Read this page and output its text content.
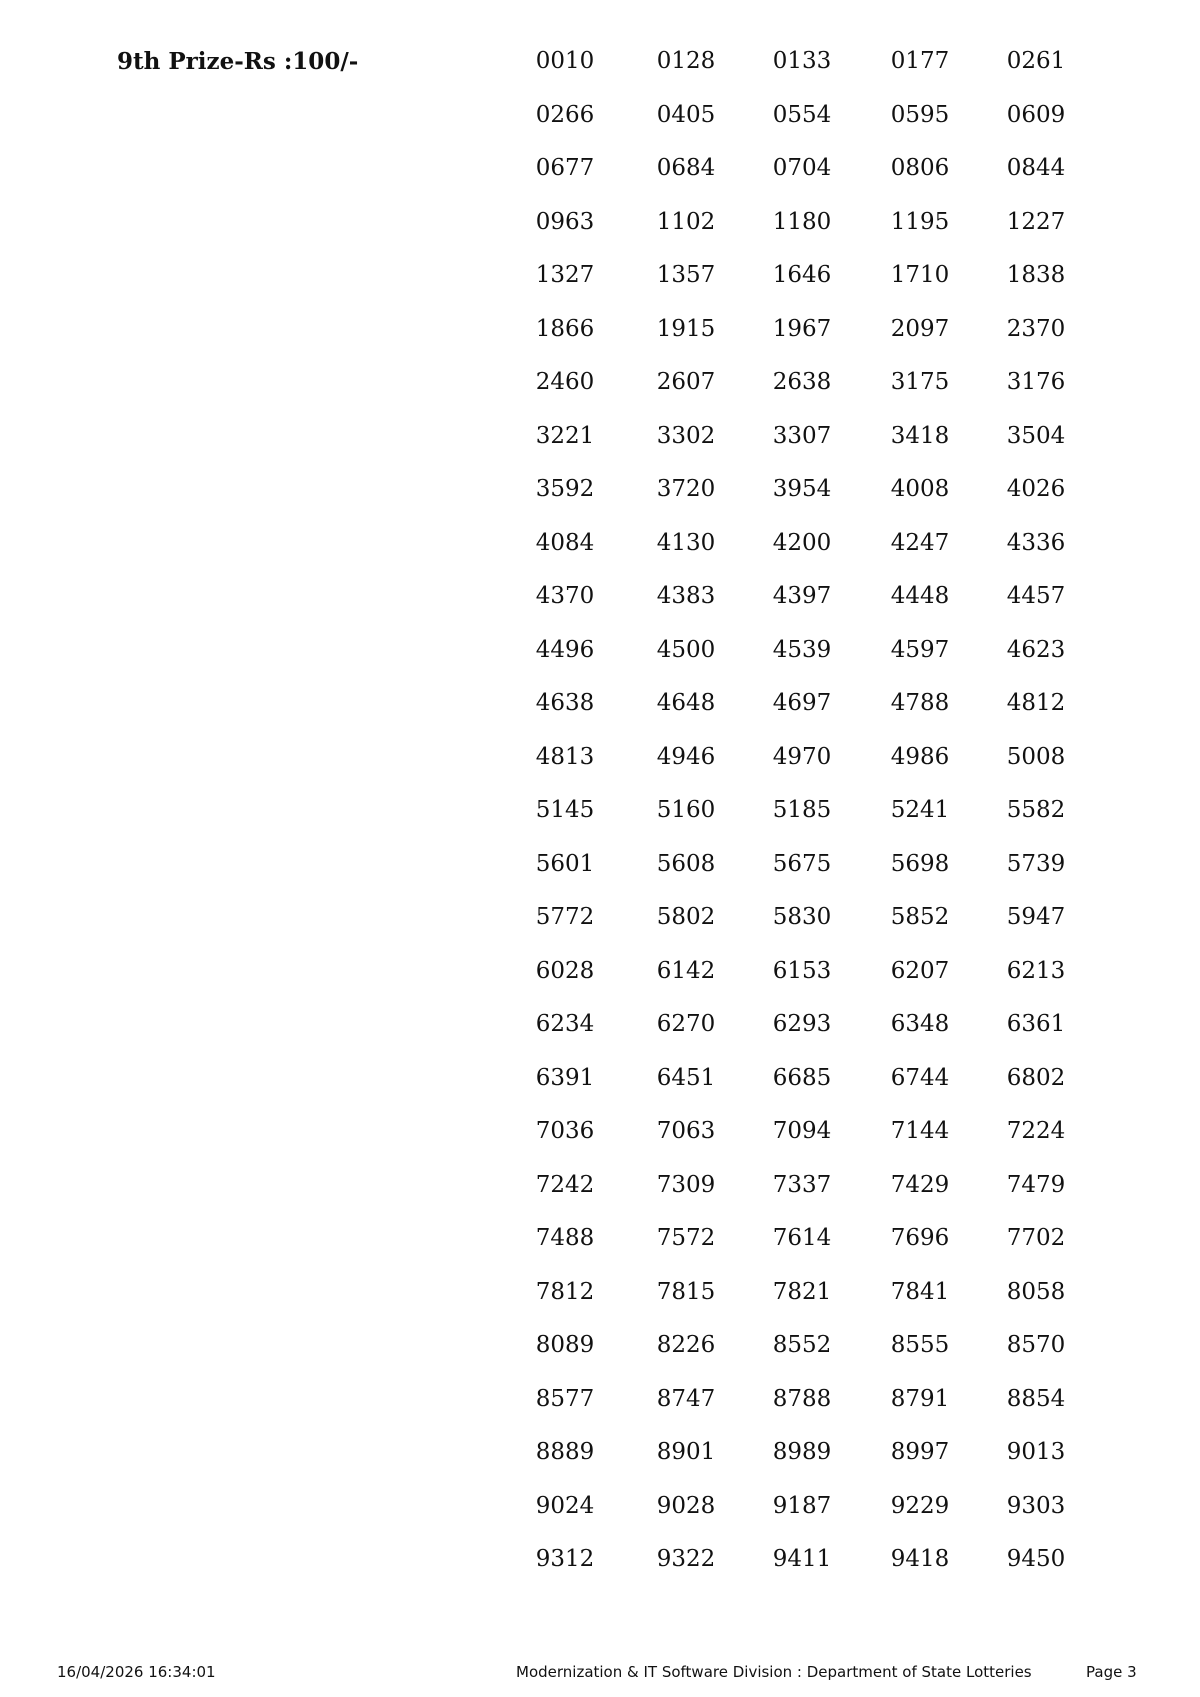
9th Prize-Rs :100/-	0010	0128	0133	0177	0261
0266	0405	0554	0595	0609
0677	0684	0704	0806	0844
0963	1102	1180	1195	1227
1327	1357	1646	1710	1838
1866	1915	1967	2097	2370
2460	2607	2638	3175	3176
3221	3302	3307	3418	3504
3592	3720	3954	4008	4026
4084	4130	4200	4247	4336
4370	4383	4397	4448	4457
4496	4500	4539	4597	4623
4638	4648	4697	4788	4812
4813	4946	4970	4986	5008
5145	5160	5185	5241	5582
5601	5608	5675	5698	5739
5772	5802	5830	5852	5947
6028	6142	6153	6207	6213
6234	6270	6293	6348	6361
6391	6451	6685	6744	6802
7036	7063	7094	7144	7224
7242	7309	7337	7429	7479
7488	7572	7614	7696	7702
7812	7815	7821	7841	8058
8089	8226	8552	8555	8570
8577	8747	8788	8791	8854
8889	8901	8989	8997	9013
9024	9028	9187	9229	9303
9312	9322	9411	9418	9450
16/04/2026 16:34:01	Modernization & IT Software Division : Department of State Lotteries	Page 3
